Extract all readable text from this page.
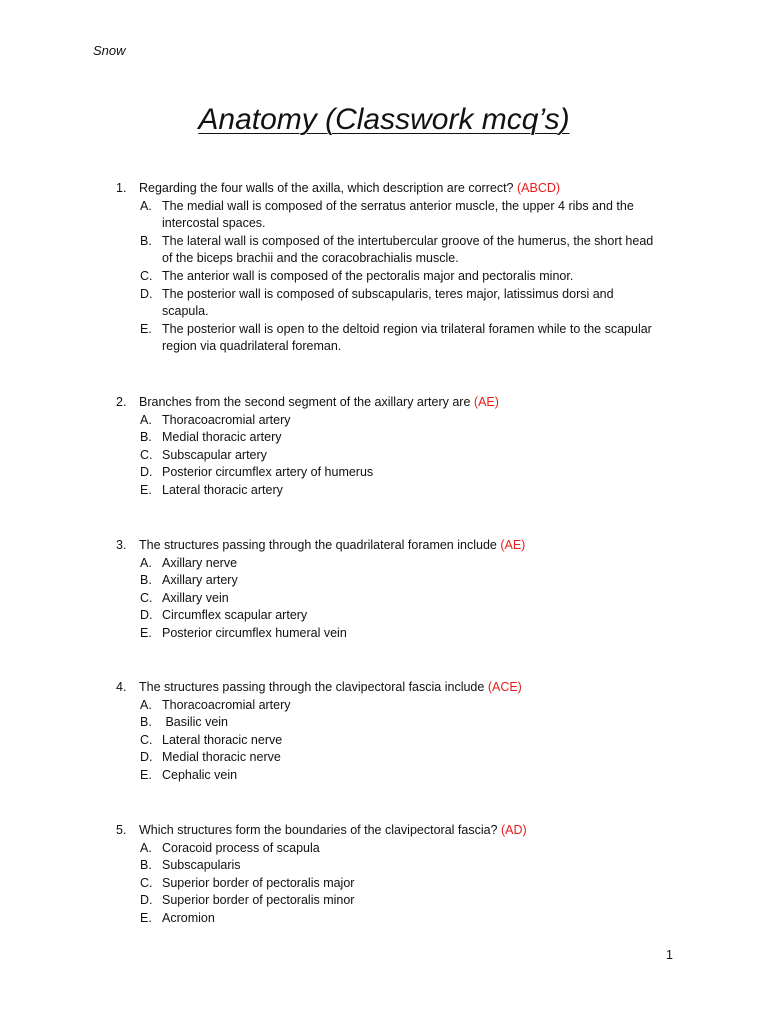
Snow
Anatomy (Classwork mcq’s)
1. Regarding the four walls of the axilla, which description are correct? (ABCD)
A. The medial wall is composed of the serratus anterior muscle, the upper 4 ribs and the intercostal spaces.
B. The lateral wall is composed of the intertubercular groove of the humerus, the short head of the biceps brachii and the coracobrachialis muscle.
C. The anterior wall is composed of the pectoralis major and pectoralis minor.
D. The posterior wall is composed of subscapularis, teres major, latissimus dorsi and scapula.
E. The posterior wall is open to the deltoid region via trilateral foramen while to the scapular region via quadrilateral foreman.
2. Branches from the second segment of the axillary artery are (AE)
A. Thoracoacromial artery
B. Medial thoracic artery
C. Subscapular artery
D. Posterior circumflex artery of humerus
E. Lateral thoracic artery
3. The structures passing through the quadrilateral foramen include (AE)
A. Axillary nerve
B. Axillary artery
C. Axillary vein
D. Circumflex scapular artery
E. Posterior circumflex humeral vein
4. The structures passing through the clavipectoral fascia include (ACE)
A. Thoracoacromial artery
B. Basilic vein
C. Lateral thoracic nerve
D. Medial thoracic nerve
E. Cephalic vein
5. Which structures form the boundaries of the clavipectoral fascia? (AD)
A. Coracoid process of scapula
B. Subscapularis
C. Superior border of pectoralis major
D. Superior border of pectoralis minor
E. Acromion
1
